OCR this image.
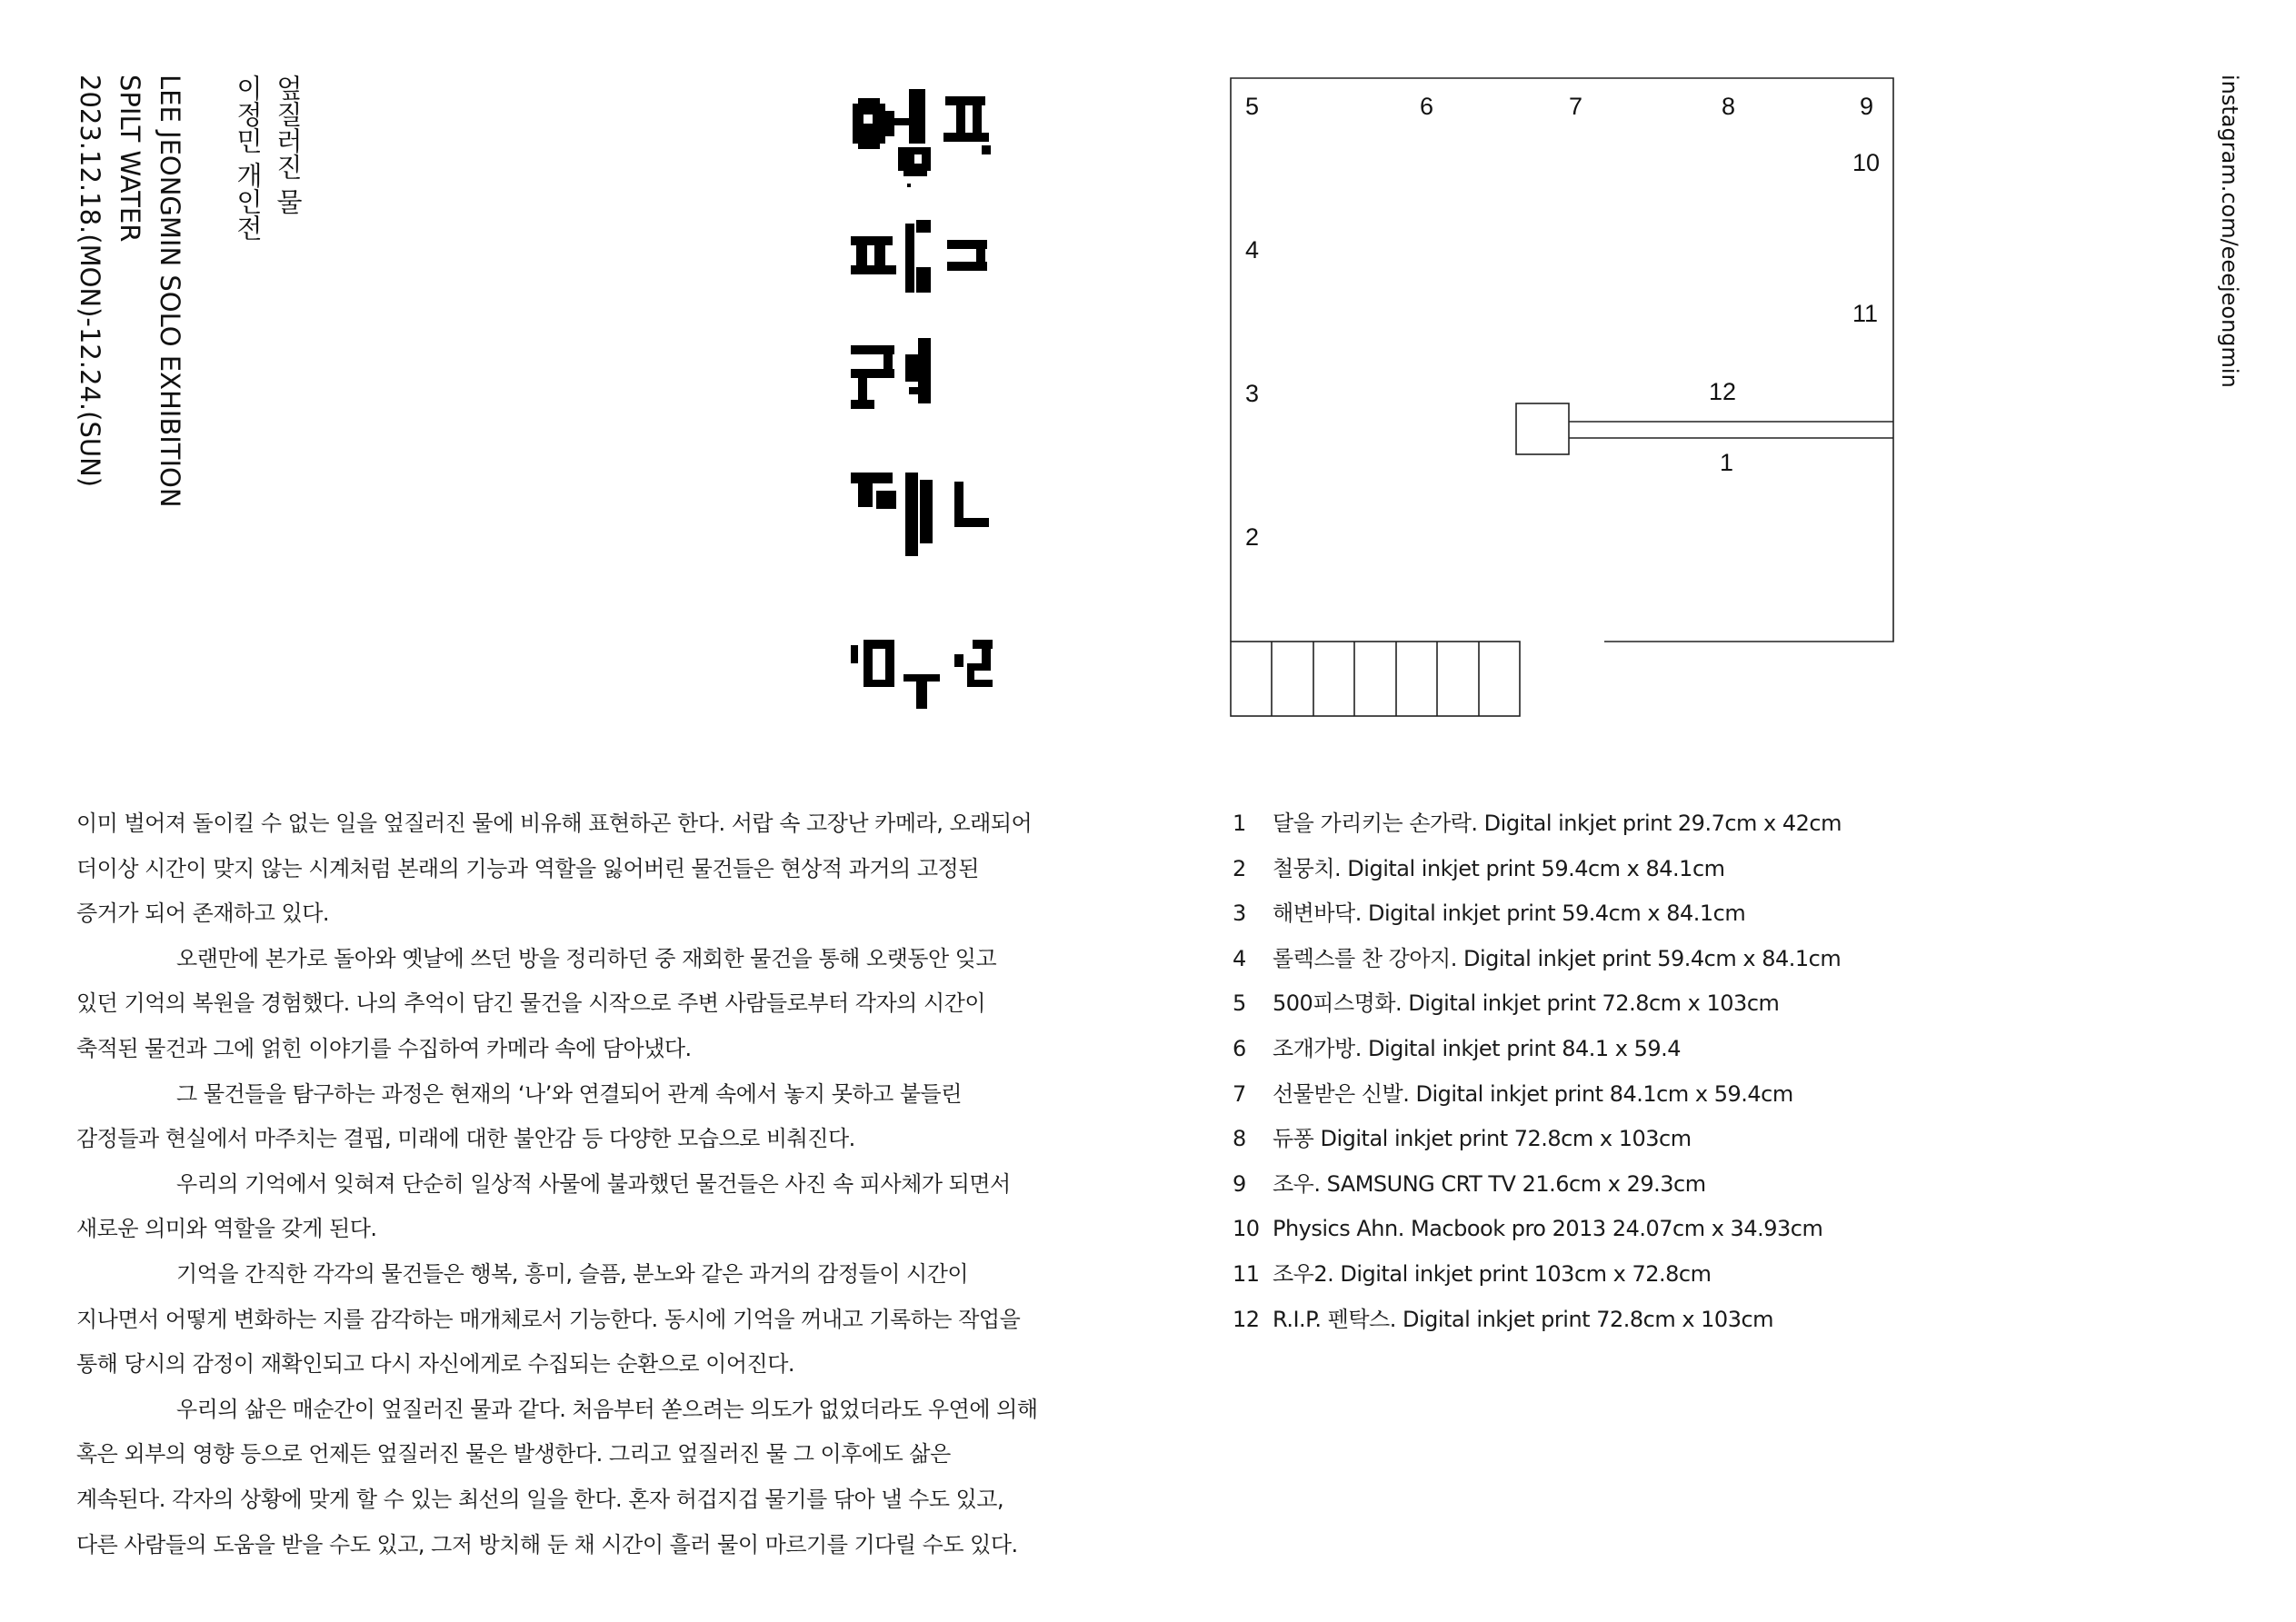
엎질러진 물
이정민 개인전
LEE JEONGMIN SOLO EXHIBITION
SPILT WATER
2023.12.18.(MON)-12.24.(SUN)	instagram.com/eeejeongmin
5	6	7	8	9
10
4
11
3	12
1
2
이미 벌어져 돌이킬 수 없는 일을 엎질러진 물에 비유해 표현하곤 한다. 서랍 속 고장난 카메라, 오래되어
더이상 시간이 맞지 않는 시계처럼 본래의 기능과 역할을 잃어버린 물건들은 현상적 과거의 고정된
증거가 되어 존재하고 있다.
오랜만에 본가로 돌아와 옛날에 쓰던 방을 정리하던 중 재회한 물건을 통해 오랫동안 잊고
있던 기억의 복원을 경험했다. 나의 추억이 담긴 물건을 시작으로 주변 사람들로부터 각자의 시간이
축적된 물건과 그에 얽힌 이야기를 수집하여 카메라 속에 담아냈다.
그 물건들을 탐구하는 과정은 현재의 ‘나’와 연결되어 관계 속에서 놓지 못하고 붙들린
감정들과 현실에서 마주치는 결핍, 미래에 대한 불안감 등 다양한 모습으로 비춰진다.
우리의 기억에서 잊혀져 단순히 일상적 사물에 불과했던 물건들은 사진 속 피사체가 되면서
새로운 의미와 역할을 갖게 된다.
기억을 간직한 각각의 물건들은 행복, 흥미, 슬픔, 분노와 같은 과거의 감정들이 시간이
지나면서 어떻게 변화하는 지를 감각하는 매개체로서 기능한다. 동시에 기억을 꺼내고 기록하는 작업을
통해 당시의 감정이 재확인되고 다시 자신에게로 수집되는 순환으로 이어진다.
우리의 삶은 매순간이 엎질러진 물과 같다. 처음부터 쏟으려는 의도가 없었더라도 우연에 의해
혹은 외부의 영향 등으로 언제든 엎질러진 물은 발생한다. 그리고 엎질러진 물 그 이후에도 삶은
계속된다. 각자의 상황에 맞게 할 수 있는 최선의 일을 한다. 혼자 허겁지겁 물기를 닦아 낼 수도 있고,
다른 사람들의 도움을 받을 수도 있고, 그저 방치해 둔 채 시간이 흘러 물이 마르기를 기다릴 수도 있다.
1	달을 가리키는 손가락. Digital inkjet print 29.7cm x 42cm
2	철뭉치. Digital inkjet print 59.4cm x 84.1cm
3	해변바닥. Digital inkjet print 59.4cm x 84.1cm
4	롤렉스를 찬 강아지. Digital inkjet print 59.4cm x 84.1cm
5	500피스명화. Digital inkjet print 72.8cm x 103cm
6	조개가방. Digital inkjet print 84.1 x 59.4
7	선물받은 신발. Digital inkjet print 84.1cm x 59.4cm
8	듀퐁 Digital inkjet print 72.8cm x 103cm
9	조우. SAMSUNG CRT TV 21.6cm x 29.3cm
10 Physics Ahn. Macbook pro 2013 24.07cm x 34.93cm
11 조우2. Digital inkjet print 103cm x 72.8cm
12 R.I.P. 펜탁스. Digital inkjet print 72.8cm x 103cm
